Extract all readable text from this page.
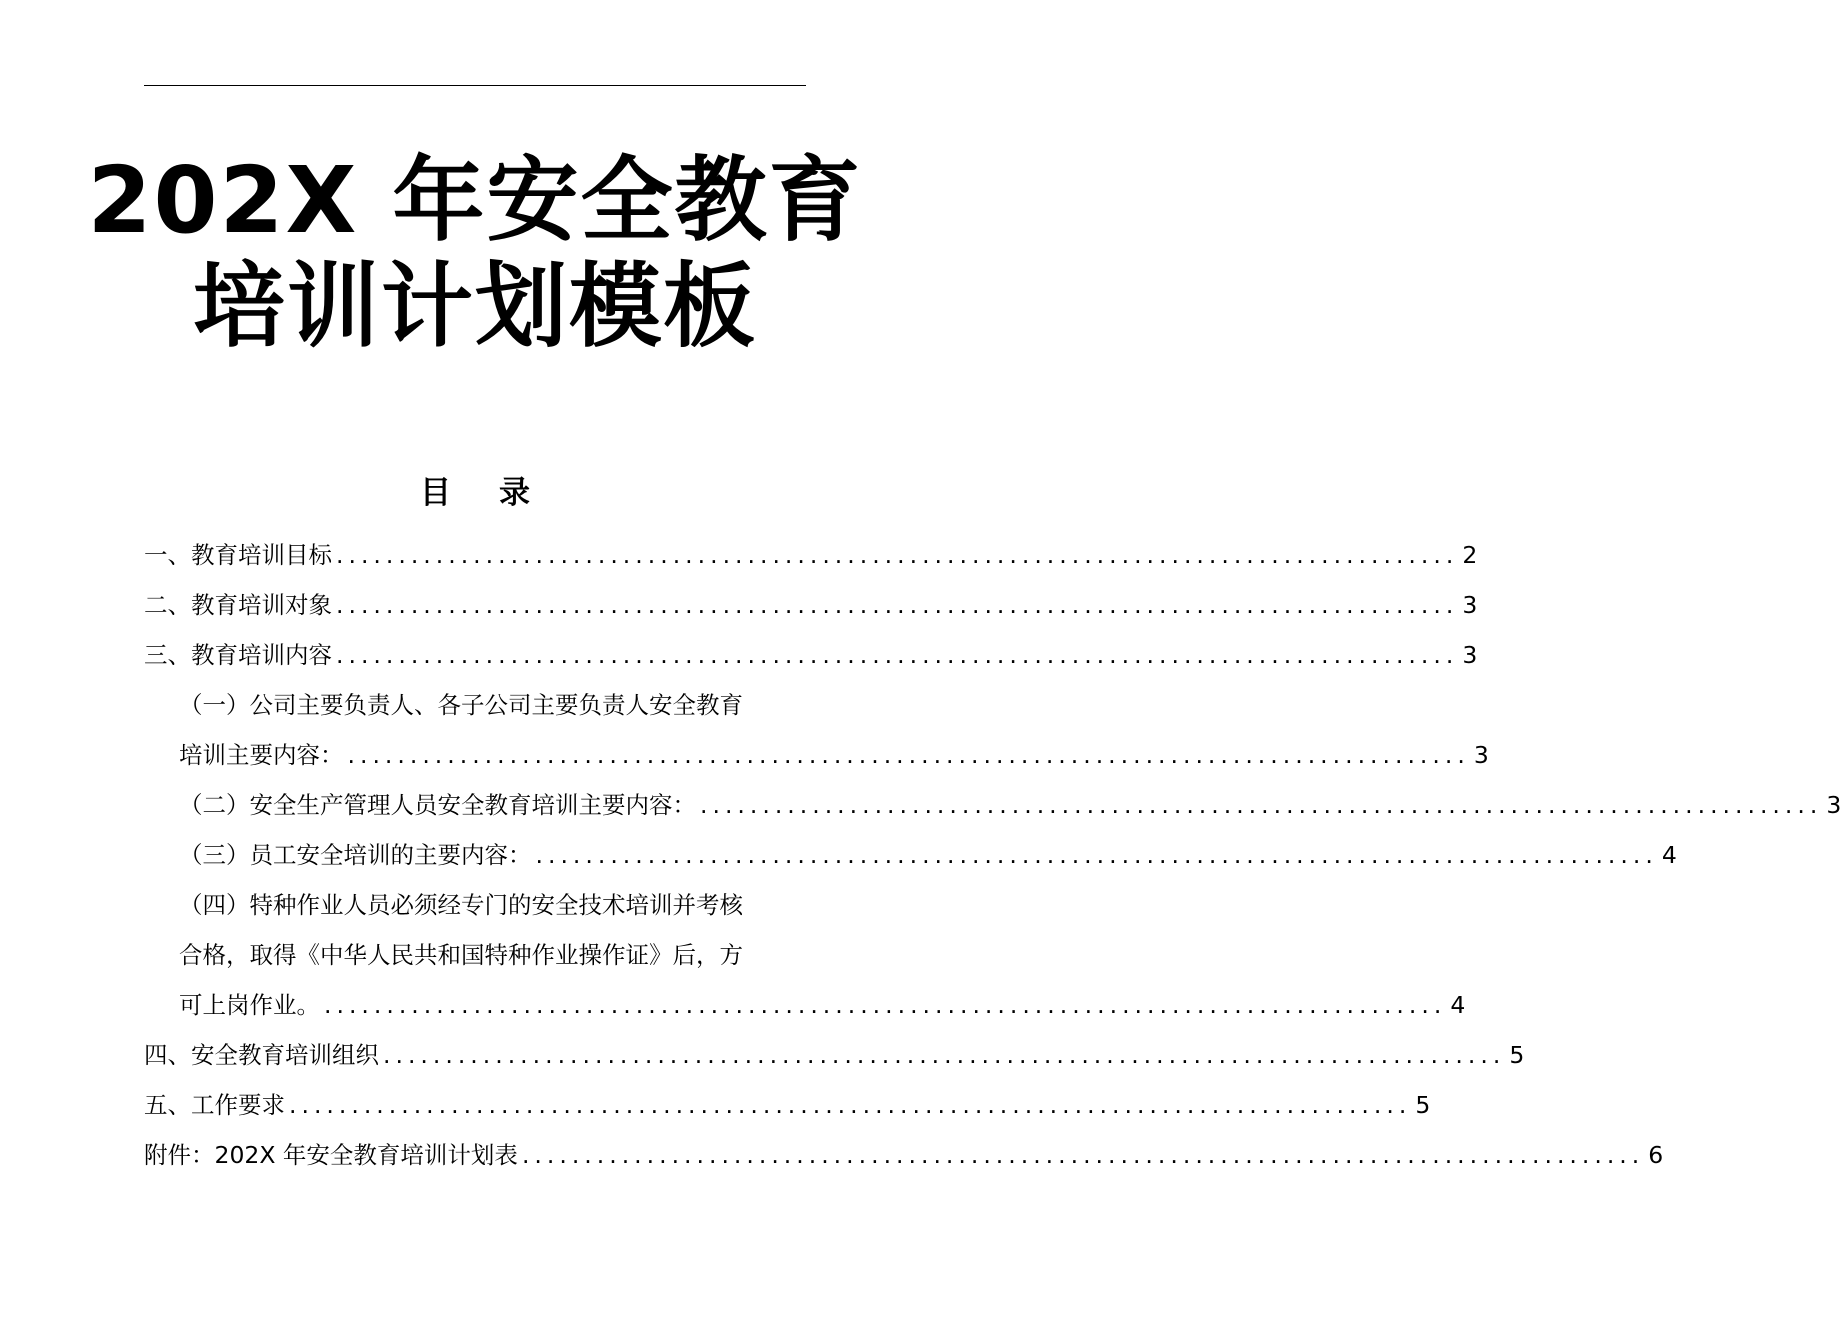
202X 年安全教育
培训计划模板
目录
一、教育培训目标 .......................................................................................... 2
二、教育培训对象 .......................................................................................... 3
三、教育培训内容 .......................................................................................... 3
（一）公司主要负责人、各子公司主要负责人安全教育
培训主要内容： .......................................................................................... 3
（二）安全生产管理人员安全教育培训主要内容： .......................................................................................... 3
（三）员工安全培训的主要内容： .......................................................................................... 4
（四）特种作业人员必须经专门的安全技术培训并考核
合格，取得《中华人民共和国特种作业操作证》后，方
可上岗作业。 .......................................................................................... 4
四、安全教育培训组织 .......................................................................................... 5
五、工作要求 .......................................................................................... 5
附件：202X 年安全教育培训计划表 .......................................................................................... 6
